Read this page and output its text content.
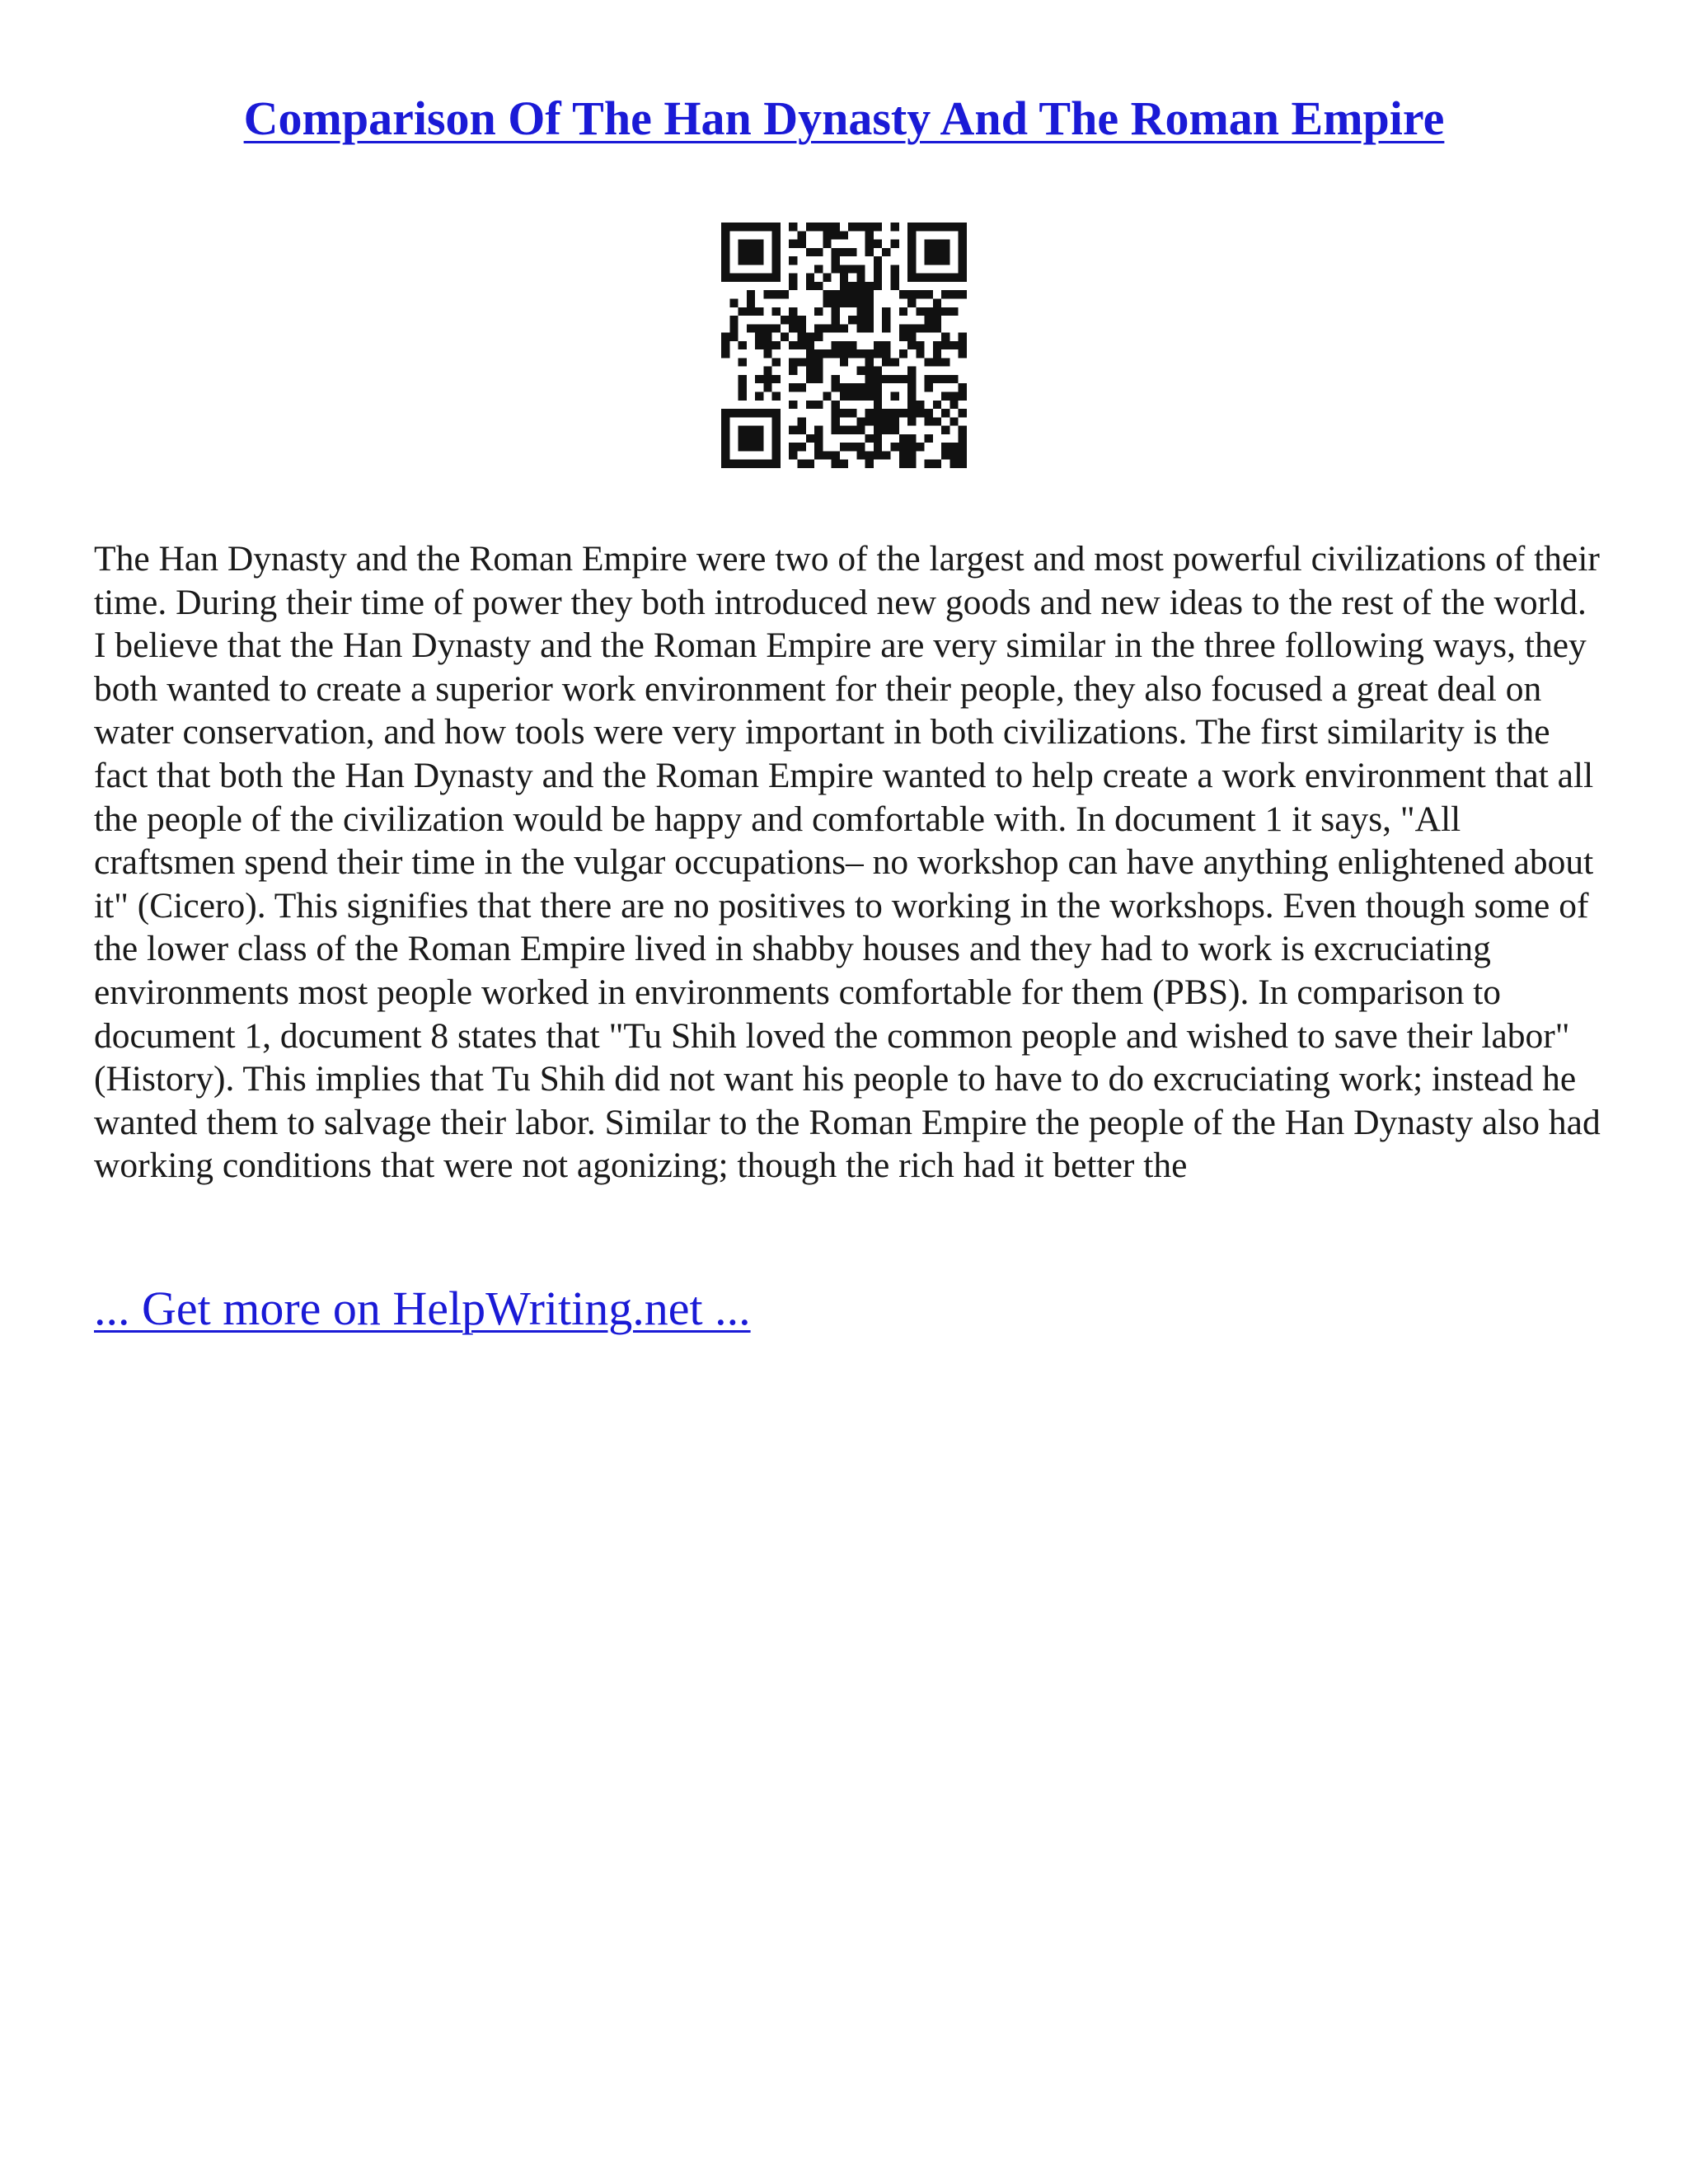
Comparison Of The Han Dynasty And The Roman Empire

The Han Dynasty and the Roman Empire were two of the largest and most powerful civilizations of their time. During their time of power they both introduced new goods and new ideas to the rest of the world. I believe that the Han Dynasty and the Roman Empire are very similar in the three following ways, they both wanted to create a superior work environment for their people, they also focused a great deal on water conservation, and how tools were very important in both civilizations. The first similarity is the fact that both the Han Dynasty and the Roman Empire wanted to help create a work environment that all the people of the civilization would be happy and comfortable with. In document 1 it says, "All craftsmen spend their time in the vulgar occupations– no workshop can have anything enlightened about it" (Cicero). This signifies that there are no positives to working in the workshops. Even though some of the lower class of the Roman Empire lived in shabby houses and they had to work is excruciating environments most people worked in environments comfortable for them (PBS). In comparison to document 1, document 8 states that "Tu Shih loved the common people and wished to save their labor" (History). This implies that Tu Shih did not want his people to have to do excruciating work; instead he wanted them to salvage their labor. Similar to the Roman Empire the people of the Han Dynasty also had working conditions that were not agonizing; though the rich had it better the

... Get more on HelpWriting.net ...
